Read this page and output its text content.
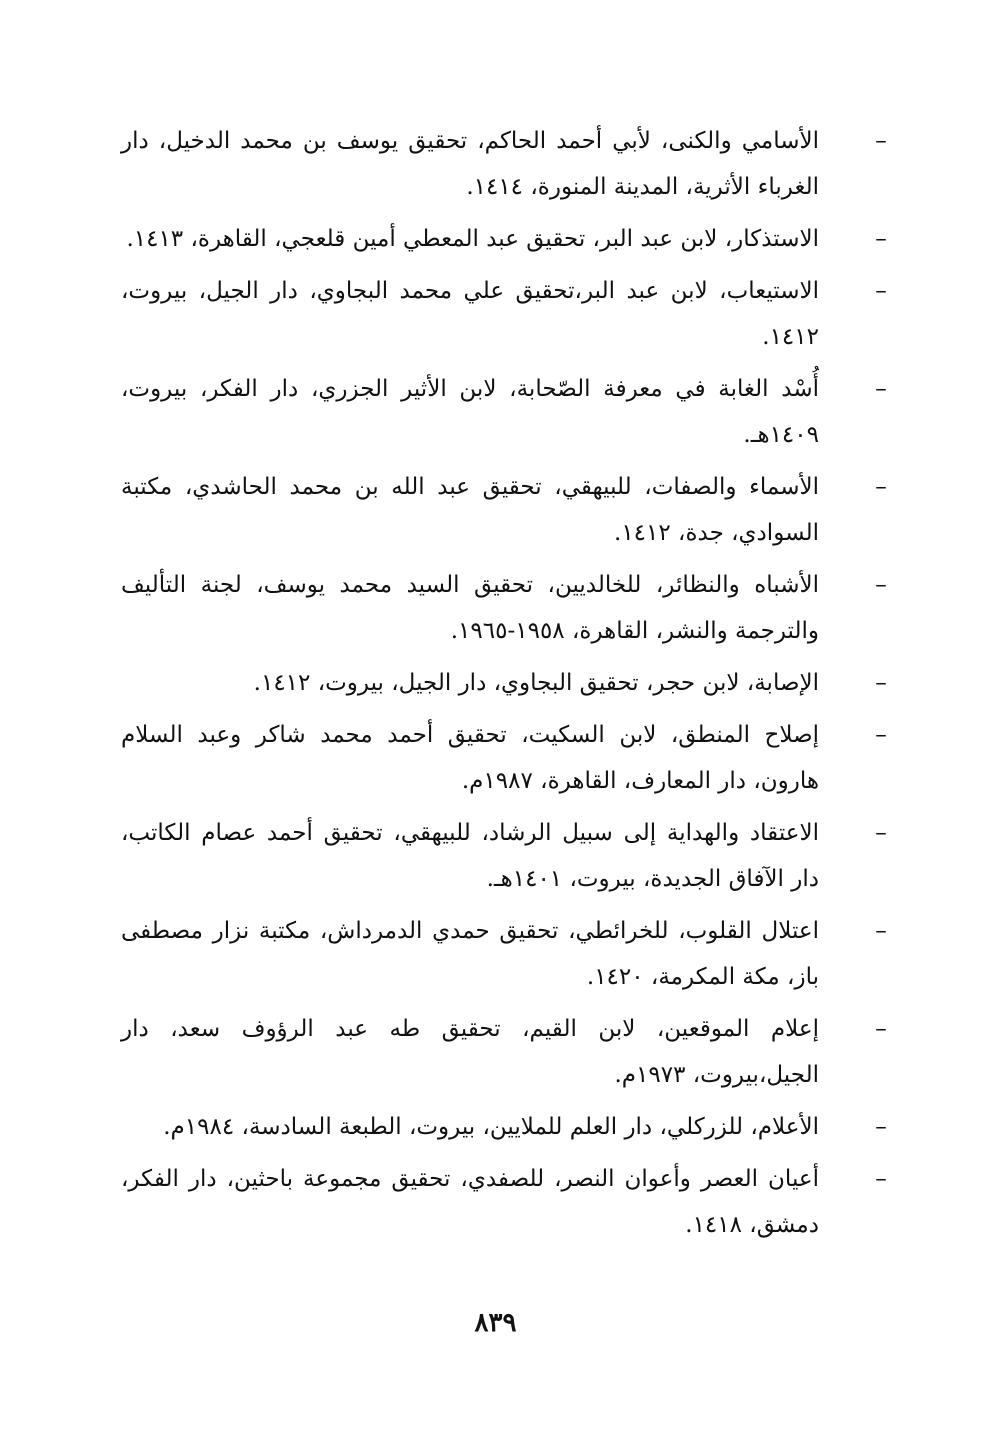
–
الأسامي والكنى، لأبي أحمد الحاكم، تحقيق يوسف بن محمد الدخيل، دار الغرباء الأثرية، المدينة المنورة، ١٤١٤.
–
الاستذكار، لابن عبد البر، تحقيق عبد المعطي أمين قلعجي، القاهرة، ١٤١٣.
–
الاستيعاب، لابن عبد البر،تحقيق علي محمد البجاوي، دار الجيل، بيروت، ١٤١٢.
–
أُسْد الغابة في معرفة الصّحابة، لابن الأثير الجزري، دار الفكر، بيروت، ١٤٠٩هـ.
–
الأسماء والصفات، للبيهقي، تحقيق عبد الله بن محمد الحاشدي، مكتبة السوادي، جدة، ١٤١٢.
–
الأشباه والنظائر، للخالديين، تحقيق السيد محمد يوسف، لجنة التأليف والترجمة والنشر، القاهرة، ١٩٥٨-١٩٦٥.
–
الإصابة، لابن حجر، تحقيق البجاوي، دار الجيل، بيروت، ١٤١٢.
–
إصلاح المنطق، لابن السكيت، تحقيق أحمد محمد شاكر وعبد السلام هارون، دار المعارف، القاهرة، ١٩٨٧م.
–
الاعتقاد والهداية إلى سبيل الرشاد، للبيهقي، تحقيق أحمد عصام الكاتب، دار الآفاق الجديدة، بيروت، ١٤٠١هـ.
–
اعتلال القلوب، للخرائطي، تحقيق حمدي الدمرداش، مكتبة نزار مصطفى باز، مكة المكرمة، ١٤٢٠.
–
إعلام الموقعين، لابن القيم، تحقيق طه عبد الرؤوف سعد، دار الجيل،بيروت، ١٩٧٣م.
–
الأعلام، للزركلي، دار العلم للملايين، بيروت، الطبعة السادسة، ١٩٨٤م.
–
أعيان العصر وأعوان النصر، للصفدي، تحقيق مجموعة باحثين، دار الفكر، دمشق، ١٤١٨.
٨٣٩
